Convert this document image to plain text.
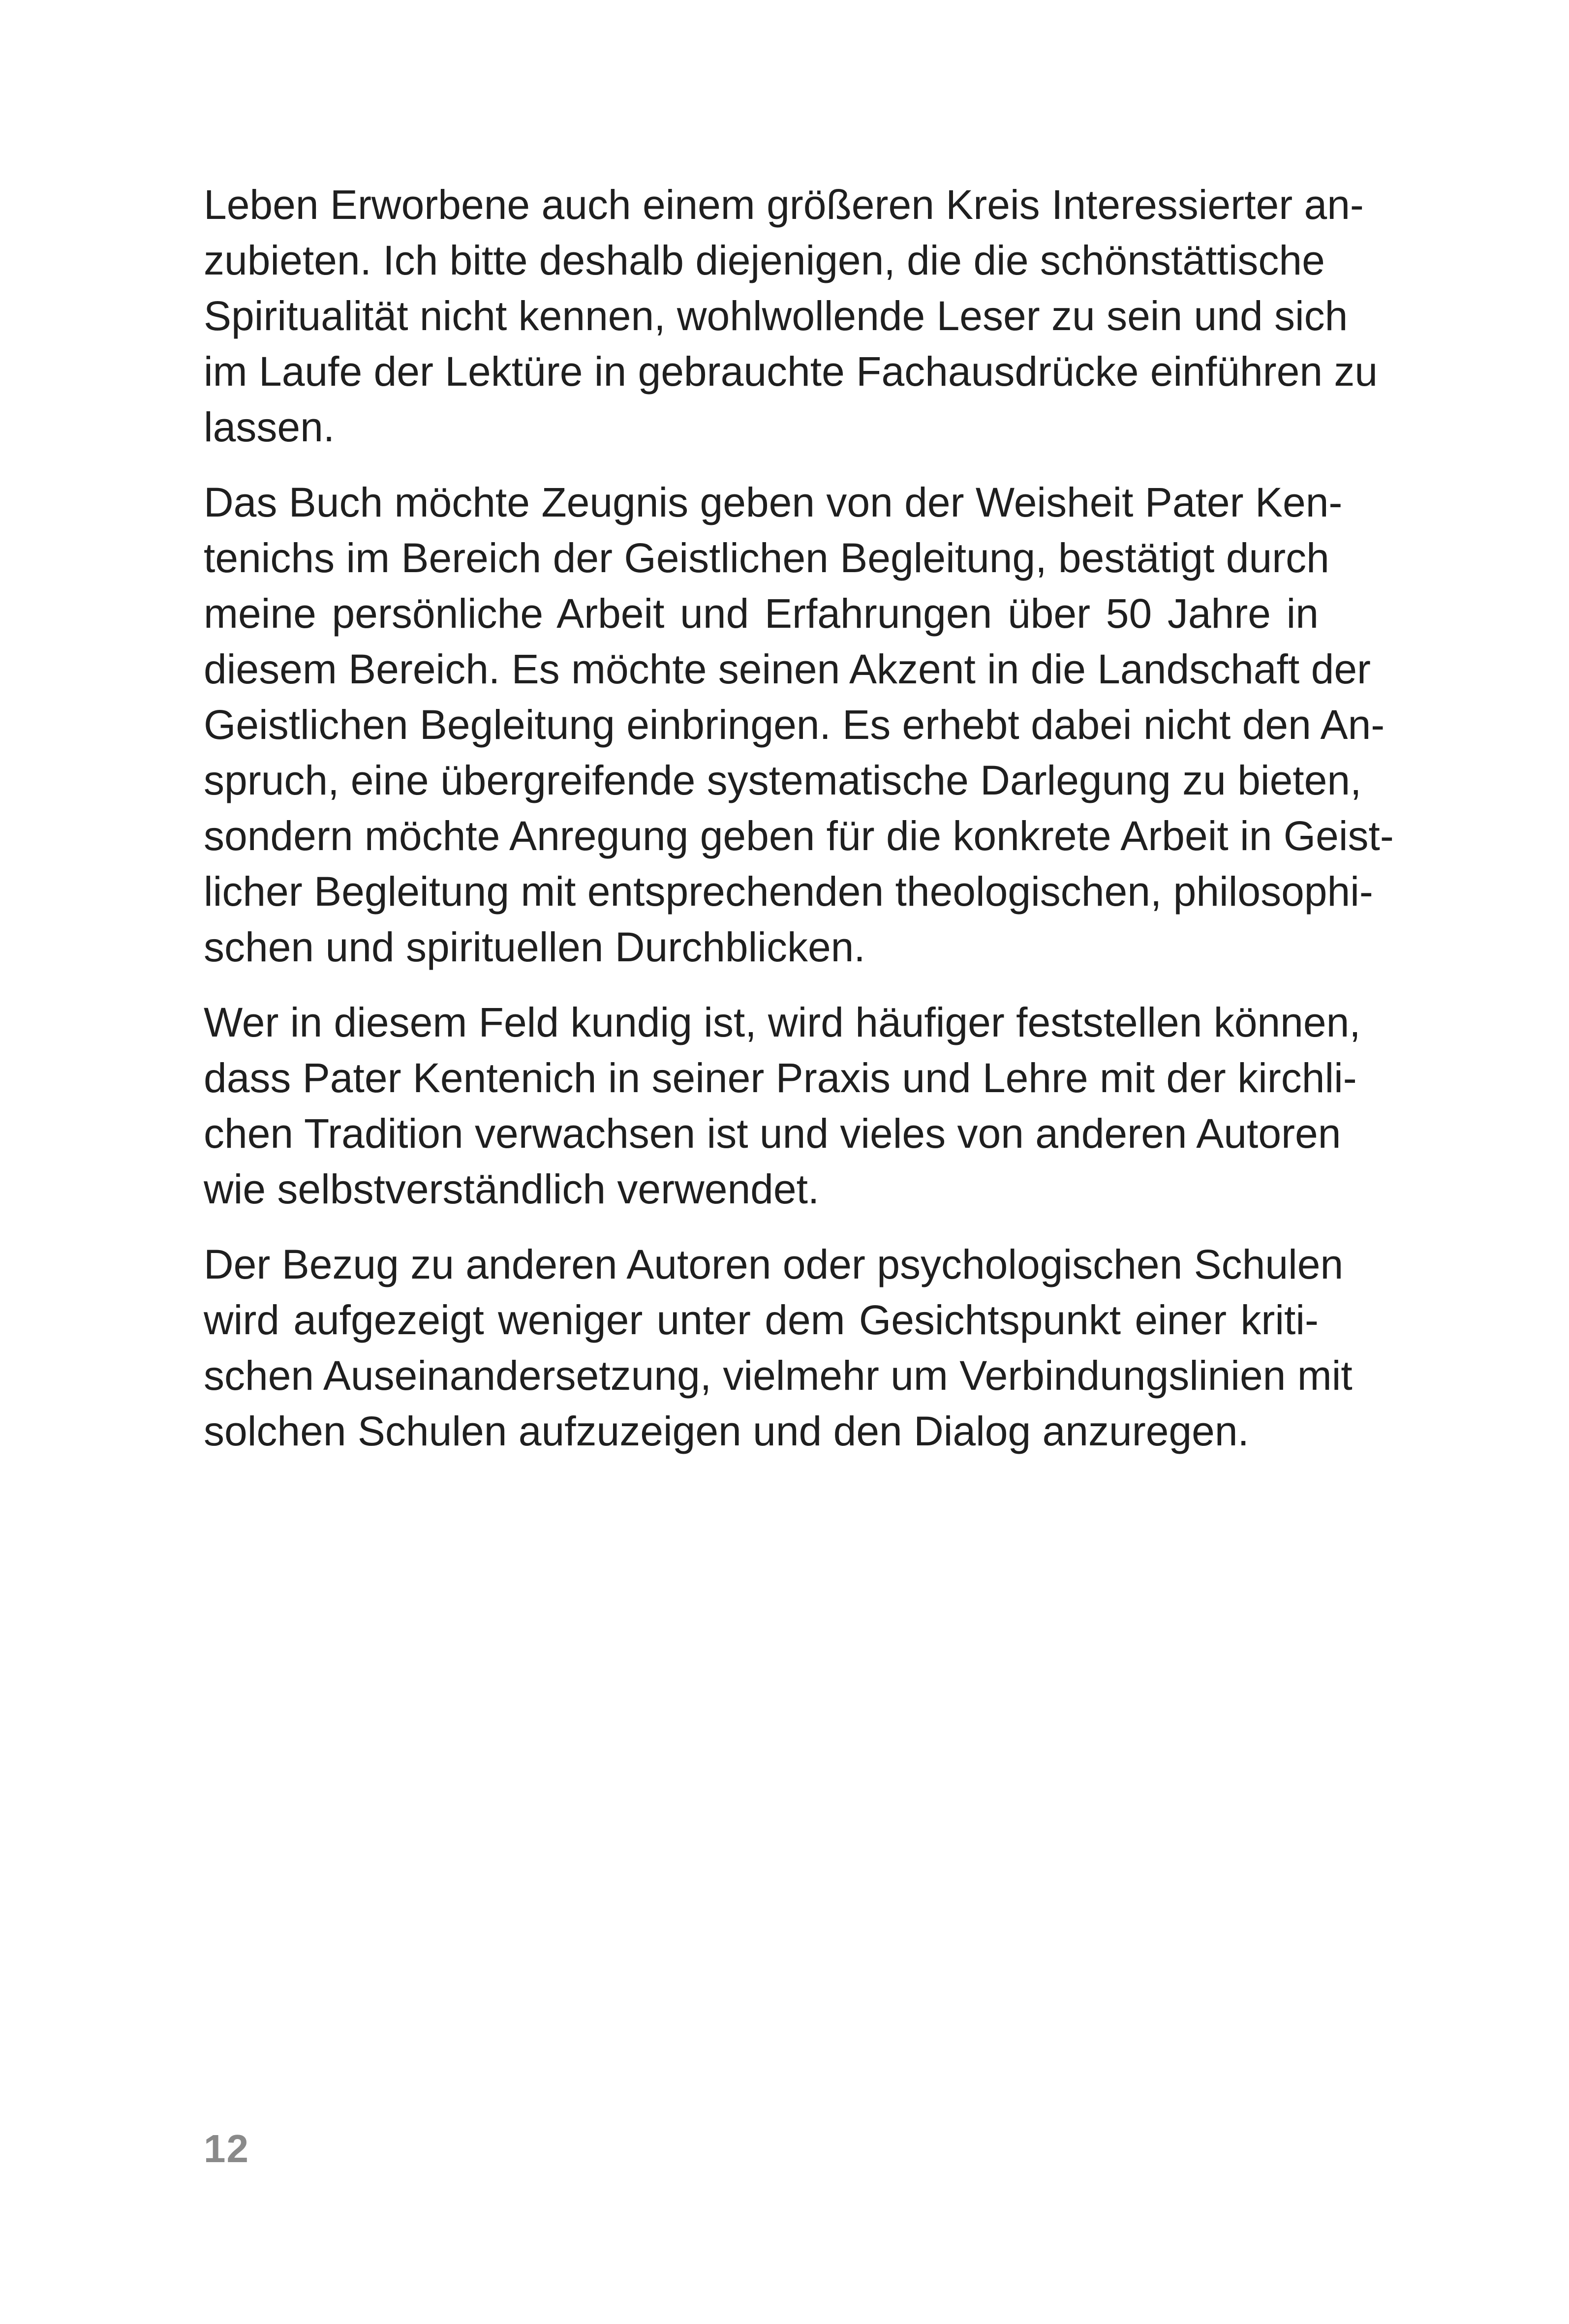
Leben Erworbene auch einem größeren Kreis Interessierter an-
zubieten. Ich bitte deshalb diejenigen, die die schönstättische
Spiritualität nicht kennen, wohlwollende Leser zu sein und sich
im Laufe der Lektüre in gebrauchte Fachausdrücke einführen zu
lassen.

Das Buch möchte Zeugnis geben von der Weisheit Pater Ken-
tenichs im Bereich der Geistlichen Begleitung, bestätigt durch
meine persönliche Arbeit und Erfahrungen über 50 Jahre in
diesem Bereich. Es möchte seinen Akzent in die Landschaft der
Geistlichen Begleitung einbringen. Es erhebt dabei nicht den An-
spruch, eine übergreifende systematische Darlegung zu bieten,
sondern möchte Anregung geben für die konkrete Arbeit in Geist-
licher Begleitung mit entsprechenden theologischen, philosophi-
schen und spirituellen Durchblicken.

Wer in diesem Feld kundig ist, wird häufiger feststellen können,
dass Pater Kentenich in seiner Praxis und Lehre mit der kirchli-
chen Tradition verwachsen ist und vieles von anderen Autoren
wie selbstverständlich verwendet.

Der Bezug zu anderen Autoren oder psychologischen Schulen
wird aufgezeigt weniger unter dem Gesichtspunkt einer kriti-
schen Auseinandersetzung, vielmehr um Verbindungslinien mit
solchen Schulen aufzuzeigen und den Dialog anzuregen.

12
